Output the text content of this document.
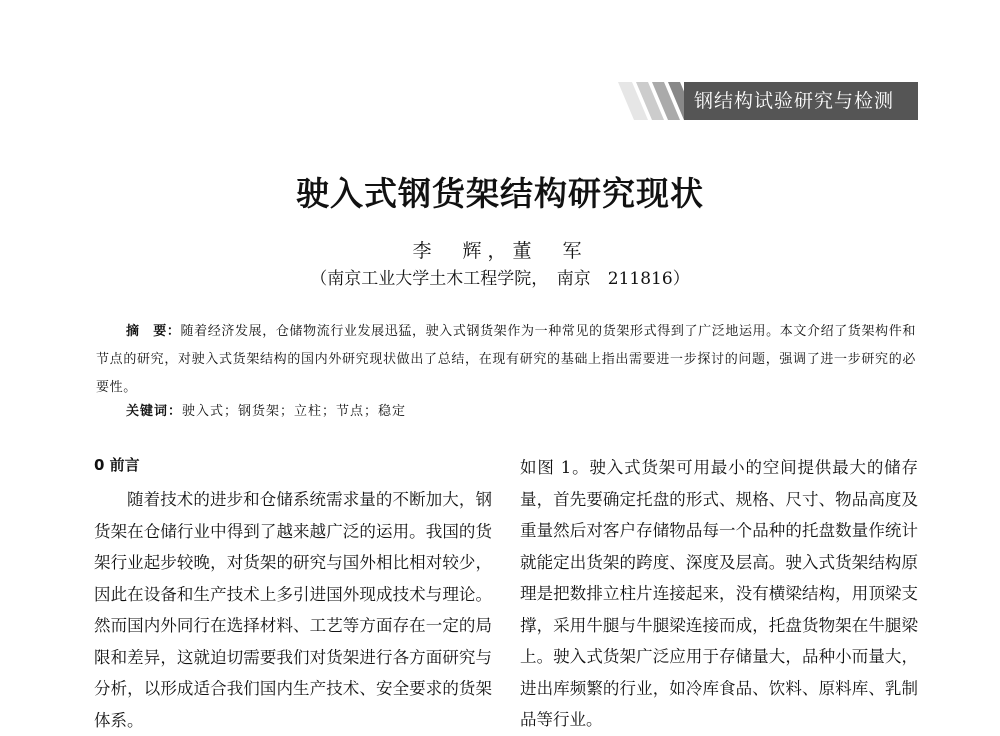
钢结构试验研究与检测
驶入式钢货架结构研究现状
李　辉，董　军
（南京工业大学土木工程学院，　南京　211816）
摘　要：随着经济发展，仓储物流行业发展迅猛，驶入式钢货架作为一种常见的货架形式得到了广泛地运用。本文介绍了货架构件和节点的研究，对驶入式货架结构的国内外研究现状做出了总结，在现有研究的基础上指出需要进一步探讨的问题，强调了进一步研究的必要性。
关键词：驶入式；钢货架；立柱；节点；稳定
0 前言
随着技术的进步和仓储系统需求量的不断加大，钢货架在仓储行业中得到了越来越广泛的运用。我国的货架行业起步较晚，对货架的研究与国外相比相对较少，因此在设备和生产技术上多引进国外现成技术与理论。然而国内外同行在选择材料、工艺等方面存在一定的局限和差异，这就迫切需要我们对货架进行各方面研究与分析，以形成适合我们国内生产技术、安全要求的货架体系。
如图 1。驶入式货架可用最小的空间提供最大的储存量，首先要确定托盘的形式、规格、尺寸、物品高度及重量然后对客户存储物品每一个品种的托盘数量作统计就能定出货架的跨度、深度及层高。驶入式货架结构原理是把数排立柱片连接起来，没有横梁结构，用顶梁支撑，采用牛腿与牛腿梁连接而成，托盘货物架在牛腿梁上。驶入式货架广泛应用于存储量大，品种小而量大，进出库频繁的行业，如冷库食品、饮料、原料库、乳制品等行业。
